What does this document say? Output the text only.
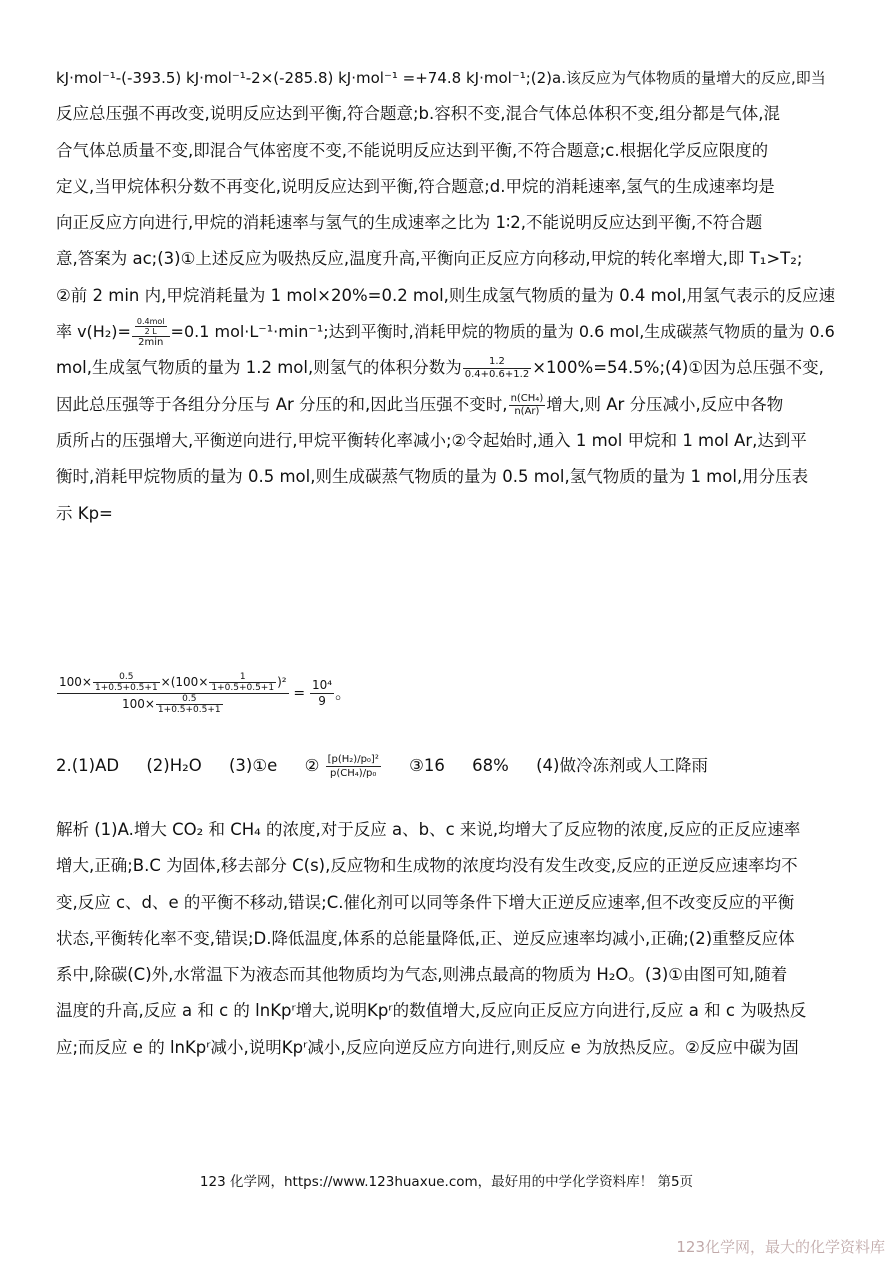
kJ·mol⁻¹-(-393.5) kJ·mol⁻¹-2×(-285.8) kJ·mol⁻¹ =+74.8 kJ·mol⁻¹;(2)a.该反应为气体物质的量增大的反应,即当
反应总压强不再改变,说明反应达到平衡,符合题意;b.容积不变,混合气体总体积不变,组分都是气体,混
合气体总质量不变,即混合气体密度不变,不能说明反应达到平衡,不符合题意;c.根据化学反应限度的
定义,当甲烷体积分数不再变化,说明反应达到平衡,符合题意;d.甲烷的消耗速率,氢气的生成速率均是
向正反应方向进行,甲烷的消耗速率与氢气的生成速率之比为 1∶2,不能说明反应达到平衡,不符合题
意,答案为 ac;(3)①上述反应为吸热反应,温度升高,平衡向正反应方向移动,甲烷的转化率增大,即 T₁>T₂;
②前 2 min 内,甲烷消耗量为 1 mol×20%=0.2 mol,则生成氢气物质的量为 0.4 mol,用氢气表示的反应速
率 $v(H_2)= \frac{\frac{\text{0.4mol}}{2 L}}{2\min} =0.1$ mol·L⁻¹·min⁻¹;达到平衡时,消耗甲烷的物质的量为 0.6 mol,生成碳蒸气物质的量为 0.6
mol,生成氢气物质的量为 1.2 mol,则氢气的体积分数为 $\frac{1.2}{0.4+0.6+1.2}$ ×100%=54.5%;(4)①因为总压强不变,
因此总压强等于各组分分压与 Ar 分压的和,因此当压强不变时, $\frac{\text{n(CH₄)}}{n(Ar)}$ 增大,则 Ar 分压减小,反应中各物
质所占的压强增大,平衡逆向进行,甲烷平衡转化率减小;②令起始时,通入 1 mol 甲烷和 1 mol Ar,达到平
衡时,消耗甲烷物质的量为 0.5 mol,则生成碳蒸气物质的量为 0.5 mol,氢气物质的量为 1 mol,用分压表
示 Kp=
$\frac{100\times \frac{0.5}{1+0.5+0.5+1} \times(100\times \frac{1}{1+0.5+0.5+1} )^2}{100\times \frac{0.5}{1+0.5+0.5+1}} = \frac{\text{10⁴}}{9}$ 。
2.(1)AD (2)H₂O (3)①e ② $\frac{\text{[p(H₂)/p₀]²}}{\text{p(CH₄)/p₀}}$ ③16 68% (4)做冷冻剂或人工降雨
解析 (1)A.增大 CO₂ 和 CH₄ 的浓度,对于反应 a、b、c 来说,均增大了反应物的浓度,反应的正反应速率
增大,正确;B.C 为固体,移去部分 C(s),反应物和生成物的浓度均没有发生改变,反应的正逆反应速率均不
变,反应 c、d、e 的平衡不移动,错误;C.催化剂可以同等条件下增大正逆反应速率,但不改变反应的平衡
状态,平衡转化率不变,错误;D.降低温度,体系的总能量降低,正、逆反应速率均减小,正确;(2)重整反应体
系中,除碳(C)外,水常温下为液态而其他物质均为气态,则沸点最高的物质为 H₂O。(3)①由图可知,随着
温度的升高,反应 a 和 c 的 lnKpʳ增大,说明Kpʳ的数值增大,反应向正反应方向进行,反应 a 和 c 为吸热反
应;而反应 e 的 lnKpʳ减小,说明Kpʳ减小,反应向逆反应方向进行,则反应 e 为放热反应。②反应中碳为固
123 化学网，https://www.123huaxue.com，最好用的中学化学资料库！ 第5页
123化学网，最大的化学资料库
